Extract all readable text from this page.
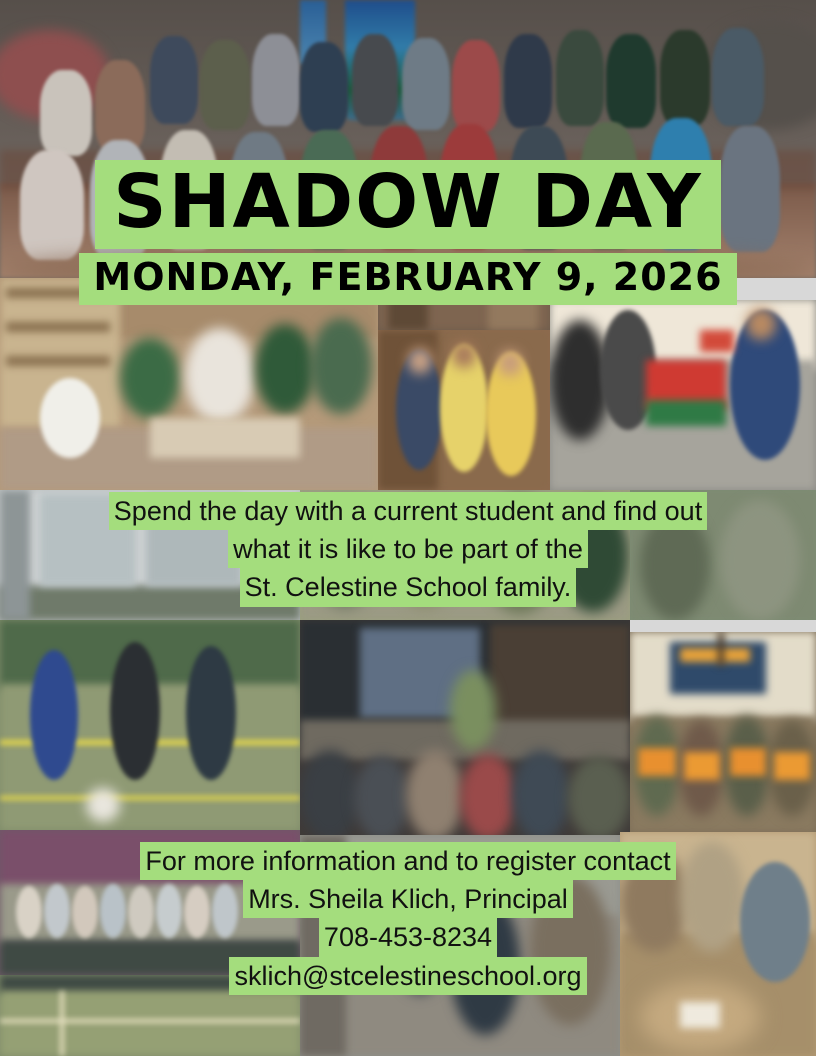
SHADOW DAY
MONDAY, FEBRUARY 9, 2026
Spend the day with a current student and find out
what it is like to be part of the
St. Celestine School family.
For more information and to register contact
Mrs. Sheila Klich, Principal
708-453-8234
sklich@stcelestineschool.org
